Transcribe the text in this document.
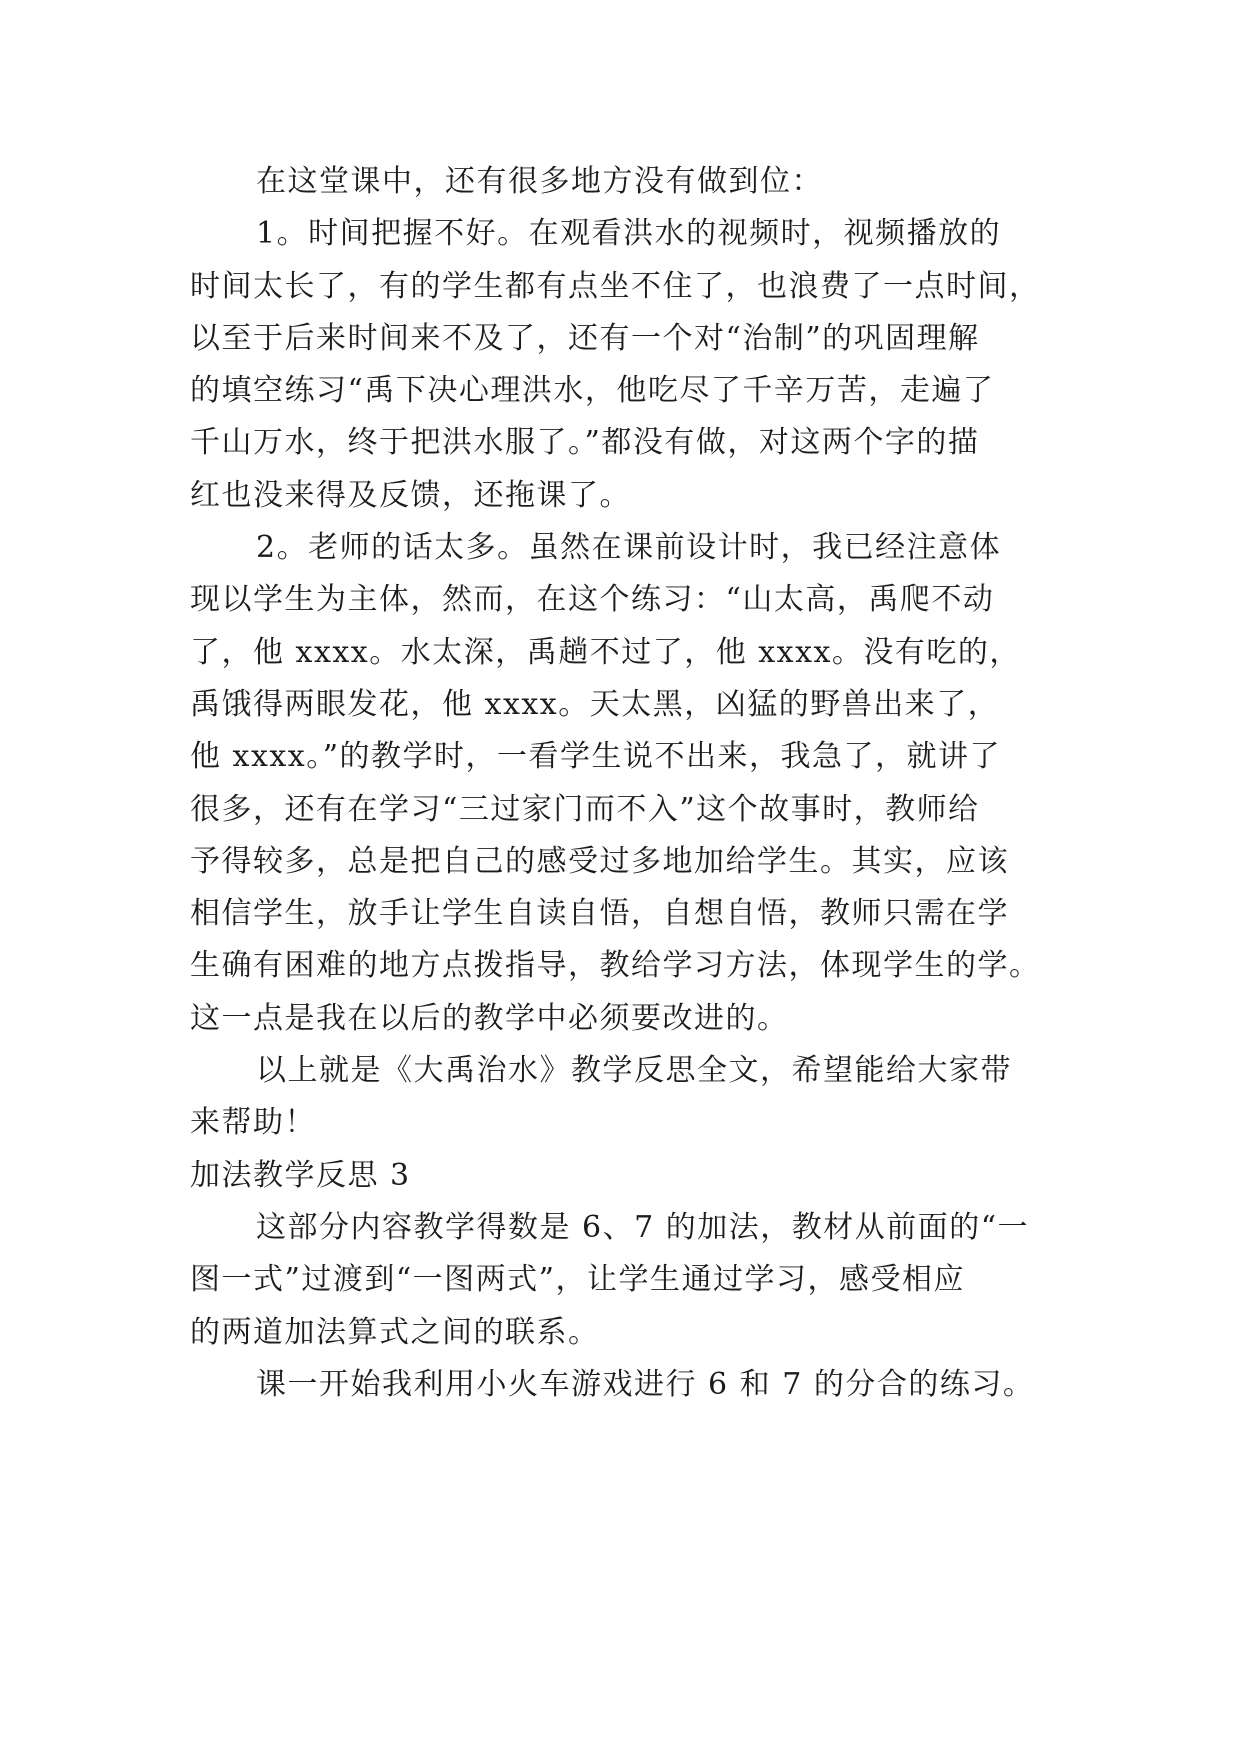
在这堂课中，还有很多地方没有做到位：
1。时间把握不好。在观看洪水的视频时，视频播放的
时间太长了，有的学生都有点坐不住了，也浪费了一点时间，
以至于后来时间来不及了，还有一个对“治制”的巩固理解
的填空练习“禹下决心理洪水，他吃尽了千辛万苦，走遍了
千山万水，终于把洪水服了。”都没有做，对这两个字的描
红也没来得及反馈，还拖课了。
2。老师的话太多。虽然在课前设计时，我已经注意体
现以学生为主体，然而，在这个练习：“山太高，禹爬不动
了，他 xxxx。水太深，禹趟不过了，他 xxxx。没有吃的，
禹饿得两眼发花，他 xxxx。天太黑，凶猛的野兽出来了，
他 xxxx。”的教学时，一看学生说不出来，我急了，就讲了
很多，还有在学习“三过家门而不入”这个故事时，教师给
予得较多，总是把自己的感受过多地加给学生。其实，应该
相信学生，放手让学生自读自悟，自想自悟，教师只需在学
生确有困难的地方点拨指导，教给学习方法，体现学生的学。
这一点是我在以后的教学中必须要改进的。
以上就是《大禹治水》教学反思全文，希望能给大家带
来帮助！
加法教学反思 3
这部分内容教学得数是 6、7 的加法，教材从前面的“一
图一式”过渡到“一图两式”，让学生通过学习，感受相应
的两道加法算式之间的联系。
课一开始我利用小火车游戏进行 6 和 7 的分合的练习。
